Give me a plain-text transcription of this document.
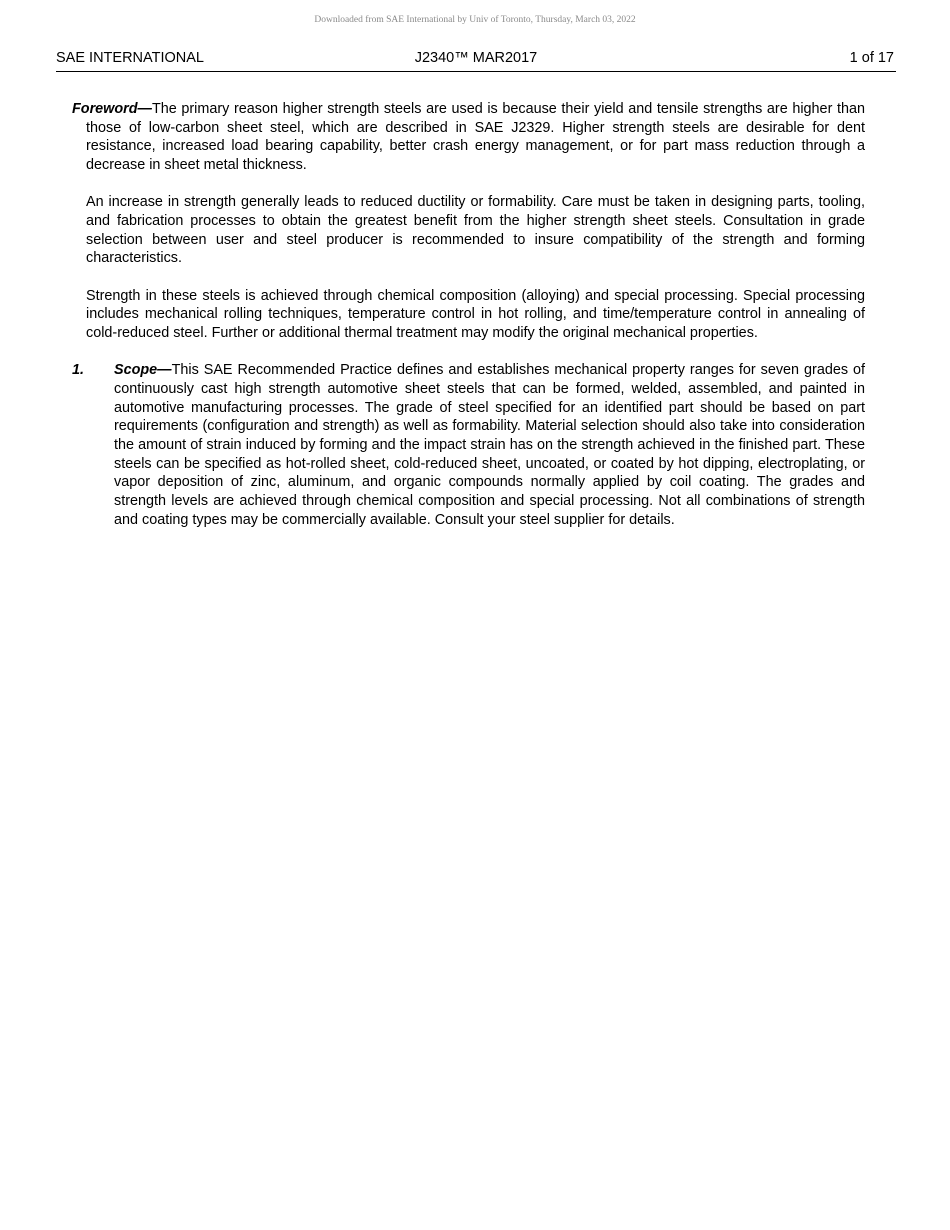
Downloaded from SAE International by Univ of Toronto, Thursday, March 03, 2022
SAE INTERNATIONAL	J2340™ MAR2017	1 of 17

Foreword—The primary reason higher strength steels are used is because their yield and tensile strengths are higher than those of low-carbon sheet steel, which are described in SAE J2329. Higher strength steels are desirable for dent resistance, increased load bearing capability, better crash energy management, or for part mass reduction through a decrease in sheet metal thickness.

An increase in strength generally leads to reduced ductility or formability. Care must be taken in designing parts, tooling, and fabrication processes to obtain the greatest benefit from the higher strength sheet steels. Consultation in grade selection between user and steel producer is recommended to insure compatibility of the strength and forming characteristics.

Strength in these steels is achieved through chemical composition (alloying) and special processing. Special processing includes mechanical rolling techniques, temperature control in hot rolling, and time/temperature control in annealing of cold-reduced steel. Further or additional thermal treatment may modify the original mechanical properties.

1. Scope—This SAE Recommended Practice defines and establishes mechanical property ranges for seven grades of continuously cast high strength automotive sheet steels that can be formed, welded, assembled, and painted in automotive manufacturing processes. The grade of steel specified for an identified part should be based on part requirements (configuration and strength) as well as formability. Material selection should also take into consideration the amount of strain induced by forming and the impact strain has on the strength achieved in the finished part. These steels can be specified as hot-rolled sheet, cold-reduced sheet, uncoated, or coated by hot dipping, electroplating, or vapor deposition of zinc, aluminum, and organic compounds normally applied by coil coating. The grades and strength levels are achieved through chemical composition and special processing. Not all combinations of strength and coating types may be commercially available. Consult your steel supplier for details.
